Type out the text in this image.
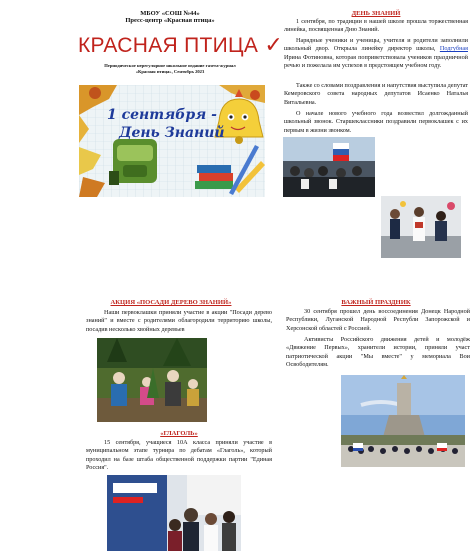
МБОУ «СОШ №44»
Пресс-центр «Красная птица»
КРАСНАЯ ПТИЦА ✓
Периодическое нерегулярное школьное издание газета-журнал
«Красная птица», Сентябрь 2023
1 сентября -
День Знаний
ДЕНЬ ЗНАНИЙ
1 сентября, по традиции в нашей школе прошла торжественная линейка, посвященная Дню Знаний.
Нарядные ученики и ученицы, учителя и родители заполнили школьный двор. Открыла линейку директор школы, Подгубная Ирина Фотиновна, которая поприветствовала учеников праздничной речью и пожелала им успехов в предстоящем учебном году.
Также со словами поздравления и напутствия выступила депутат Кемеровского совета народных депутатов Исаенко Наталья Витальевна.
О начале нового учебного года возвестил долгожданный школьный звонок. Старшеклассники поздравили первоклашек с их первым в жизни звонком.
АКЦИЯ «ПОСАДИ ДЕРЕВО ЗНАНИЙ»
Наши первоклашки приняли участие в акции "Посади дерево знаний" и вместе с родителями облагородили территорию школы, посадив несколько хвойных деревьев
«ГЛАГОЛЬ»
15 сентября, учащиеся 10А класса приняли участие в муниципальном этапе турнира по дебатам «Глаголь», который проходил на базе штаба общественной поддержки партии "Единая Россия".
ВАЖНЫЙ ПРАЗДНИК
30 сентября прошел день воссоединения Донецк Народной Республики, Луганской Народной Республи Запорожской и Херсонской областей с Россией.
Активисты Российского движения детей и молодёж «Движение Первых», хранители истории, приняли участ патриотической акции "Мы вместе" у мемориала Вои Освободителям.
